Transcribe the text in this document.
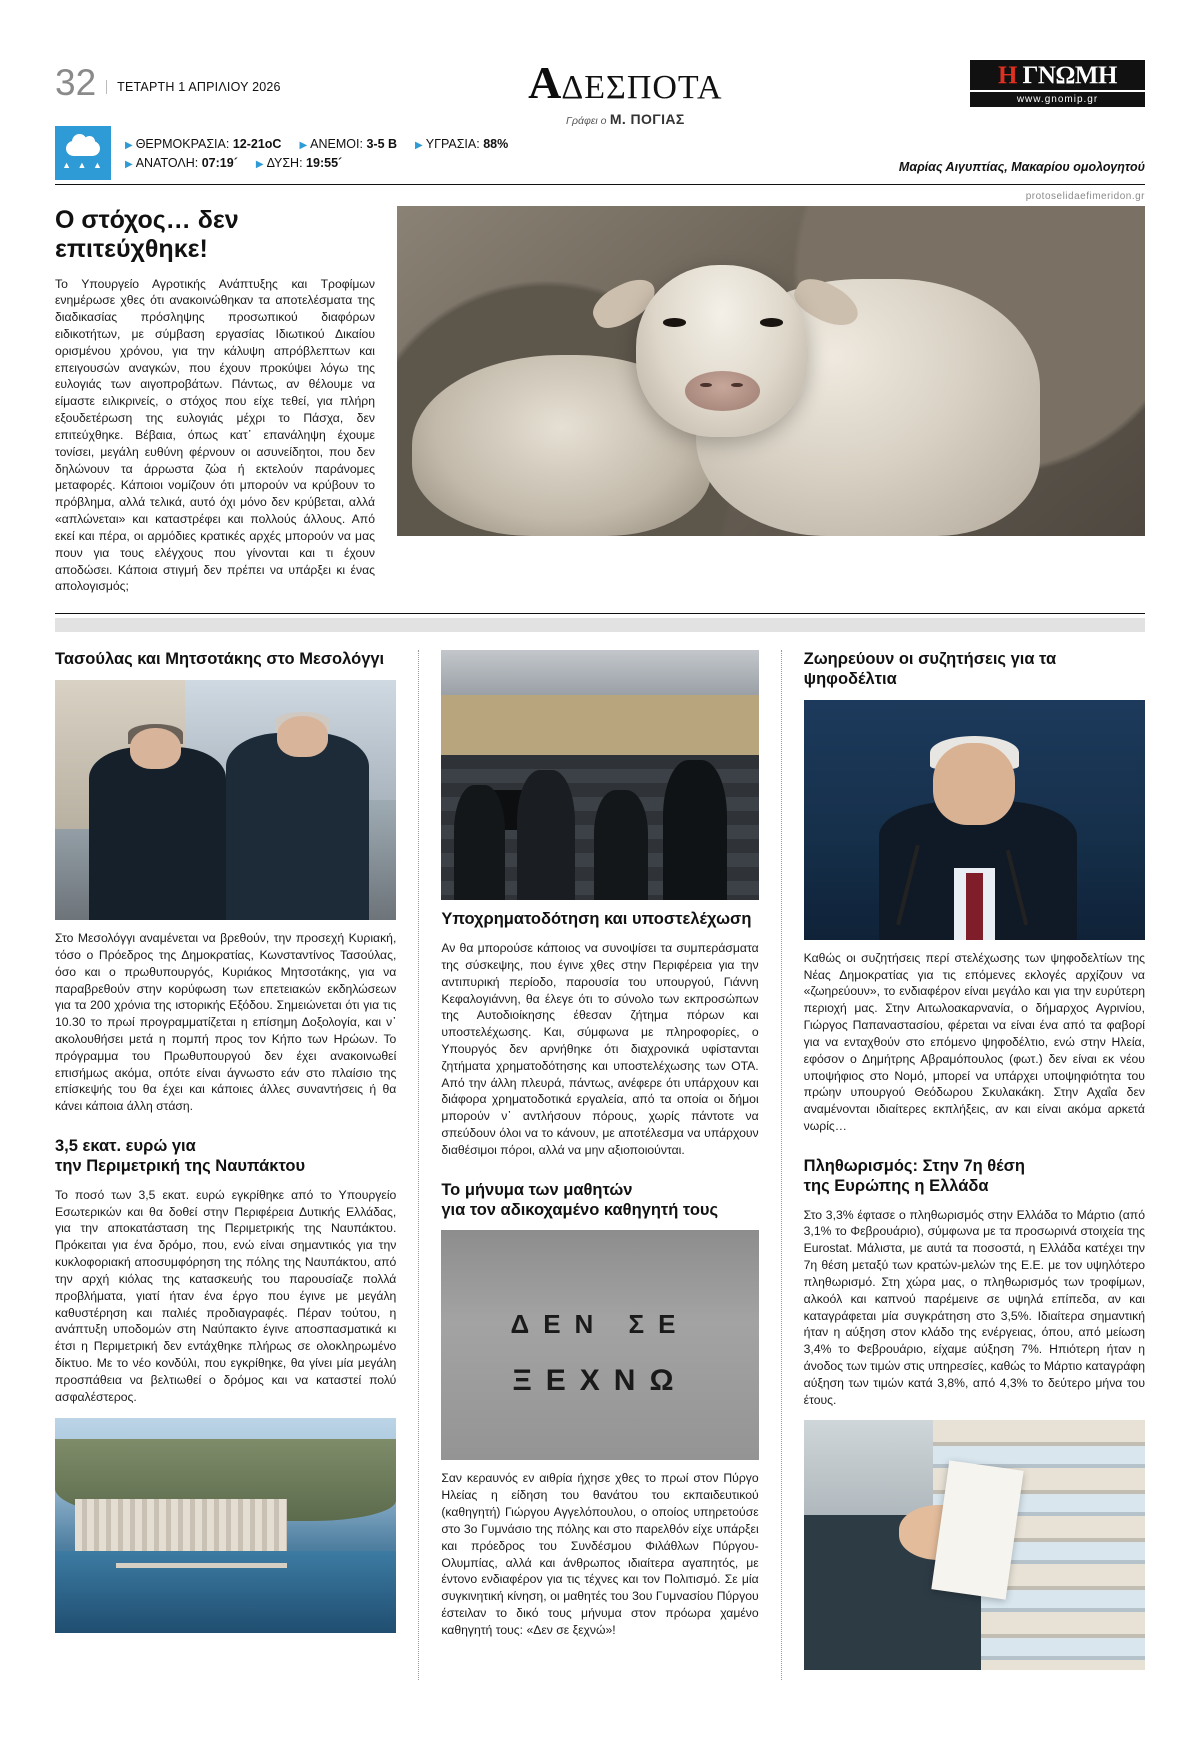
32	ΤΕΤΑΡΤΗ 1 ΑΠΡΙΛΙΟΥ 2026	ΑΔΕΣΠΟΤΑ
Γράφει ο Μ. ΠΟΓΙΑΣ
Η ΓΝΩΜΗ
www.gnomip.gr
▲ ▲ ▲
▶ ΘΕΡΜΟΚΡΑΣΙΑ: 12-21oC ▶ ΑΝΕΜΟΙ: 3-5 Β ▶ ΥΓΡΑΣΙΑ: 88%
▶ ΑΝΑΤΟΛΗ: 07:19´ ▶ ΔΥΣΗ: 19:55´	Μαρίας Αιγυπτίας, Μακαρίου ομολογητού
protoselidaefimeridon.gr
Ο στόχος… δεν επιτεύχθηκε!
Το Υπουργείο Αγροτικής Ανάπτυξης και Τροφίμων ενημέρωσε χθες ότι ανακοινώθηκαν τα αποτελέσματα της διαδικασίας πρόσληψης προσωπικού διαφόρων ειδικοτήτων, με σύμβαση εργασίας Ιδιωτικού Δικαίου ορισμένου χρόνου, για την κάλυψη απρόβλεπτων και επειγουσών αναγκών, που έχουν προκύψει λόγω της ευλογιάς των αιγοπροβάτων. Πάντως, αν θέλουμε να είμαστε ειλικρινείς, ο στόχος που είχε τεθεί, για πλήρη εξουδετέρωση της ευλογιάς μέχρι το Πάσχα, δεν επιτεύχθηκε. Βέβαια, όπως κατ᾽ επανάληψη έχουμε τονίσει, μεγάλη ευθύνη φέρνουν οι ασυνείδητοι, που δεν δηλώνουν τα άρρωστα ζώα ή εκτελούν παράνομες μεταφορές. Κάποιοι νομίζουν ότι μπορούν να κρύβουν το πρόβλημα, αλλά τελικά, αυτό όχι μόνο δεν κρύβεται, αλλά «απλώνεται» και καταστρέφει και πολλούς άλλους. Από εκεί και πέρα, οι αρμόδιες κρατικές αρχές μπορούν να μας πουν για τους ελέγχους που γίνονται και τι έχουν αποδώσει. Κάποια στιγμή δεν πρέπει να υπάρξει κι ένας απολογισμός;
Τασούλας και Μητσοτάκης στο Μεσολόγγι
Στο Μεσολόγγι αναμένεται να βρεθούν, την προσεχή Κυριακή, τόσο ο Πρόεδρος της Δημοκρατίας, Κωνσταντίνος Τασούλας, όσο και ο πρωθυπουργός, Κυριάκος Μητσοτάκης, για να παραβρεθούν στην κορύφωση των επετειακών εκδηλώσεων για τα 200 χρόνια της ιστορικής Εξόδου. Σημειώνεται ότι για τις 10.30 το πρωί προγραμματίζεται η επίσημη Δοξολογία, και ν᾽ ακολουθήσει μετά η πομπή προς τον Κήπο των Ηρώων. Το πρόγραμμα του Πρωθυπουργού δεν έχει ανακοινωθεί επισήμως ακόμα, οπότε είναι άγνωστο εάν στο πλαίσιο της επίσκεψής του θα έχει και κάποιες άλλες συναντήσεις ή θα κάνει κάποια άλλη στάση.
3,5 εκατ. ευρώ για
την Περιμετρική της Ναυπάκτου
Το ποσό των 3,5 εκατ. ευρώ εγκρίθηκε από το Υπουργείο Εσωτερικών και θα δοθεί στην Περιφέρεια Δυτικής Ελλάδας, για την αποκατάσταση της Περιμετρικής της Ναυπάκτου. Πρόκειται για ένα δρόμο, που, ενώ είναι σημαντικός για την κυκλοφοριακή αποσυμφόρηση της πόλης της Ναυπάκτου, από την αρχή κιόλας της κατασκευής του παρουσίαζε πολλά προβλήματα, γιατί ήταν ένα έργο που έγινε με μεγάλη καθυστέρηση και παλιές προδιαγραφές. Πέραν τούτου, η ανάπτυξη υποδομών στη Ναύπακτο έγινε αποσπασματικά κι έτσι η Περιμετρική δεν εντάχθηκε πλήρως σε ολοκληρωμένο δίκτυο. Με το νέο κονδύλι, που εγκρίθηκε, θα γίνει μία μεγάλη προσπάθεια να βελτιωθεί ο δρόμος και να καταστεί πολύ ασφαλέστερος.
Υποχρηματοδότηση και υποστελέχωση
Αν θα μπορούσε κάποιος να συνοψίσει τα συμπεράσματα της σύσκεψης, που έγινε χθες στην Περιφέρεια για την αντιπυρική περίοδο, παρουσία του υπουργού, Γιάννη Κεφαλογιάννη, θα έλεγε ότι το σύνολο των εκπροσώπων της Αυτοδιοίκησης έθεσαν ζήτημα πόρων και υποστελέχωσης. Και, σύμφωνα με πληροφορίες, ο Υπουργός δεν αρνήθηκε ότι διαχρονικά υφίστανται ζητήματα χρηματοδότησης και υποστελέχωσης των ΟΤΑ. Από την άλλη πλευρά, πάντως, ανέφερε ότι υπάρχουν και διάφορα χρηματοδοτικά εργαλεία, από τα οποία οι δήμοι μπορούν ν᾽ αντλήσουν πόρους, χωρίς πάντοτε να σπεύδουν όλοι να το κάνουν, με αποτέλεσμα να υπάρχουν διαθέσιμοι πόροι, αλλά να μην αξιοποιούνται.
Το μήνυμα των μαθητών
για τον αδικοχαμένο καθηγητή τους
ΔΕΝ ΣΕ
ΞΕΧΝΩ
Σαν κεραυνός εν αιθρία ήχησε χθες το πρωί στον Πύργο Ηλείας η είδηση του θανάτου του εκπαιδευτικού (καθηγητή) Γιώργου Αγγελόπουλου, ο οποίος υπηρετούσε στο 3ο Γυμνάσιο της πόλης και στο παρελθόν είχε υπάρξει και πρόεδρος του Συνδέσμου Φιλάθλων Πύργου-Ολυμπίας, αλλά και άνθρωπος ιδιαίτερα αγαπητός, με έντονο ενδιαφέρον για τις τέχνες και τον Πολιτισμό. Σε μία συγκινητική κίνηση, οι μαθητές του 3ου Γυμνασίου Πύργου έστειλαν το δικό τους μήνυμα στον πρόωρα χαμένο καθηγητή τους: «Δεν σε ξεχνώ»!
Ζωηρεύουν οι συζητήσεις για τα ψηφοδέλτια
Καθώς οι συζητήσεις περί στελέχωσης των ψηφοδελτίων της Νέας Δημοκρατίας για τις επόμενες εκλογές αρχίζουν να «ζωηρεύουν», το ενδιαφέρον είναι μεγάλο και για την ευρύτερη περιοχή μας. Στην Αιτωλοακαρνανία, ο δήμαρχος Αγρινίου, Γιώργος Παπαναστασίου, φέρεται να είναι ένα από τα φαβορί για να ενταχθούν στο επόμενο ψηφοδέλτιο, ενώ στην Ηλεία, εφόσον ο Δημήτρης Αβραμόπουλος (φωτ.) δεν είναι εκ νέου υποψήφιος στο Νομό, μπορεί να υπάρχει υποψηφιότητα του πρώην υπουργού Θεόδωρου Σκυλακάκη. Στην Αχαΐα δεν αναμένονται ιδιαίτερες εκπλήξεις, αν και είναι ακόμα αρκετά νωρίς…
Πληθωρισμός: Στην 7η θέση
της Ευρώπης η Ελλάδα
Στο 3,3% έφτασε ο πληθωρισμός στην Ελλάδα το Μάρτιο (από 3,1% το Φεβρουάριο), σύμφωνα με τα προσωρινά στοιχεία της Eurostat. Μάλιστα, με αυτά τα ποσοστά, η Ελλάδα κατέχει την 7η θέση μεταξύ των κρατών-μελών της Ε.Ε. με τον υψηλότερο πληθωρισμό. Στη χώρα μας, ο πληθωρισμός των τροφίμων, αλκοόλ και καπνού παρέμεινε σε υψηλά επίπεδα, αν και καταγράφεται μία συγκράτηση στο 3,5%. Ιδιαίτερα σημαντική ήταν η αύξηση στον κλάδο της ενέργειας, όπου, από μείωση 3,4% το Φεβρουάριο, είχαμε αύξηση 7%. Ηπιότερη ήταν η άνοδος των τιμών στις υπηρεσίες, καθώς το Μάρτιο καταγράφη αύξηση των τιμών κατά 3,8%, από 4,3% το δεύτερο μήνα του έτους.
